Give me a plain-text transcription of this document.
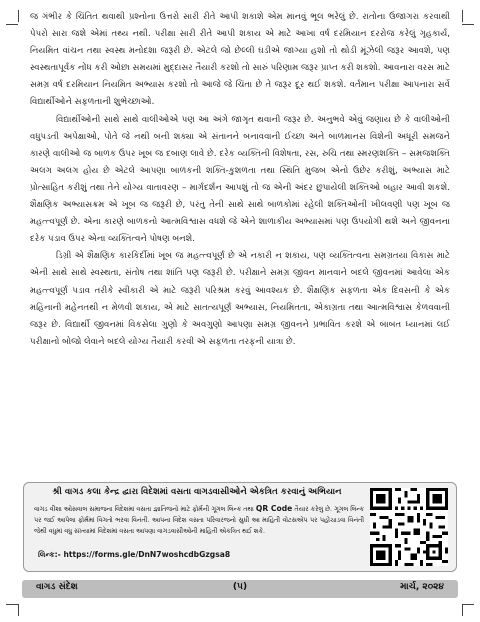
જ ગંભીર કે ચિંતિત થવાથી પ્રશ્નોના ઉત્તરો સારી રીતે આપી શકાશે એમ માનવું ભૂલ ભરેલું છે. રાતોના ઉજાગરા કરવાથી પેપરો સારા જશે એમાં તથ્ય નથી. પરીક્ષા સારી રીતે આપી શકાય એ માટે આખા વર્ષ દરમિયાન દરરોજ કરેલું ગૃહકાર્ય, નિયમિત વાંચન તથા સ્વસ્થ મનોદશા જરૂરી છે. એટલે જો છેલ્લી ઘડીએ જાગ્યા હશો તો થોડી મૂંઝેલી જરૂર આવશે, પણ સ્વસ્થતાપૂર્વક નોંધ કરી ઓછા સમયમાં મુદ્દાસર તૈયારી કરશો તો સારું પરિણામ જરૂર પ્રાપ્ત કરી શકશો. આવનારા વરસ માટે સમગ્ર વર્ષ દરમિયાન નિયમિત અભ્યાસ કરશો તો આજે જે ચિંતા છે તે જરૂર દૂર થઈ શકશે. વર્તમાન પરીક્ષા આપનારા સર્વે વિદ્યાર્થીઓને સફળતાની શુભેચ્છાઓ.

વિદ્યાર્થીઓની સાથે સાથે વાલીઓએ પણ આ અંગે જાગૃત થવાની જરૂર છે. અનુભવે એવું જણાય છે કે વાલીઓની વધુપડતી અપેક્ષાઓ, પોતે જે નથી બની શક્યા એ સંતાનને બનાવવાની ઈચ્છા અને બાળમાનસ વિશેની અધૂરી સમજને કારણે વાલીઓ જ બાળક ઉપર ખૂબ જ દબાણ લાવે છે. દરેક વ્યક્તિની વિશેષતા, રસ, રુચિ તથા સ્મરણશક્તિ – સમજશક્તિ અલગ અલગ હોય છે એટલે આપણા બાળકની શક્તિ-કુશળતા તથા સ્થિતિ મુજબ એનો ઉછેર કરીશું, અભ્યાસ માટે પ્રોત્સાહિત કરીશું તથા તેને યોગ્ય વાતાવરણ – માર્ગદર્શન આપશું તો જ એની અંદર છુપાયેલી શક્તિઓ બહાર આવી શકશે. શૈક્ષણિક અભ્યાસક્રમ એ ખૂબ જ જરૂરી છે, પરંતુ તેની સાથે સાથે બાળકોમાં રહેલી શક્તિઓની ખીલવણી પણ ખૂબ જ મહત્ત્વપૂર્ણ છે. એના કારણે બાળકનો આત્મવિશ્વાસ વધશે જે એને શાળાકીય અભ્યાસમાં પણ ઉપયોગી થશે અને જીવનના દરેક પડાવ ઉપર એના વ્યક્તિત્વને પોષણ બનશે.

ડિગ્રી એ શૈક્ષણિક કારકિર્દીમાં ખૂબ જ મહત્ત્વપૂર્ણ છે એ નકારી ન શકાય, પણ વ્યક્તિત્વના સમગ્રતયા વિકાસ માટે એની સાથે સાથે સ્વસ્થતા, સંતોષ તથા શાંતિ પણ જરૂરી છે. પરીક્ષાને સમગ્ર જીવન માનવાને બદલે જીવનમાં આવેલા એક મહત્ત્વપૂર્ણ પડાવ તરીકે સ્વીકારી એ માટે જરૂરી પરિશ્રમ કરવું આવશ્યક છે. શૈક્ષણિક સફળતા એક દિવસની કે એક મહિનાની મહેનતથી ન મેળવી શકાય, એ માટે સાતત્યપૂર્ણ અભ્યાસ, નિયમિતતા, એકાગ્રતા તથા આત્મવિશ્વાસ કેળવવાની જરૂર છે. વિદ્યાર્થી જીવનમાં વિકસેલા ગુણો કે અવગુણો આપણા સમગ્ર જીવનને પ્રભાવિત કરશે એ બાબત ધ્યાનમાં લઈ પરીક્ષાનો બોજો લેવાને બદલે યોગ્ય તૈયારી કરવી એ સફળતા તરફની યાત્રા છે.

શ્રી વાગડ કલા કેન્દ્ર દ્વારા વિદેશમાં વસતા વાગડવાસીઓને એકત્રિત કરવાનું અભિયાન
વાગડ વીશા ઓસવાલ સમાજના વિદેશમાં વસતા જ્ઞાતિજનો માટે ફોર્મની ગૂગલ લિન્ક તથા QR Code તૈયાર કરેલું છે. ગૂગલ લિન્ક પર જઈ આપેલા ફોર્મમાં વિગતો ભરવા વિનંતી. આપના વિદેશ વસતા પરિવારજનો સુધી આ માહિતી વોટસએપ પર પહોંચાડવા વિનંતી જેથી વધુમાં વધુ સંખ્યામાં વિદેશમાં વસતા આપણા વાગડવાસીઓની માહિતી એકત્રિત થઈ શકે.
લિન્ક:- https://forms.gle/DnN7woshcdbGzgsa8
વાગડ સંદેશ	(૫)	માર્ચ, ૨૦૨૪
